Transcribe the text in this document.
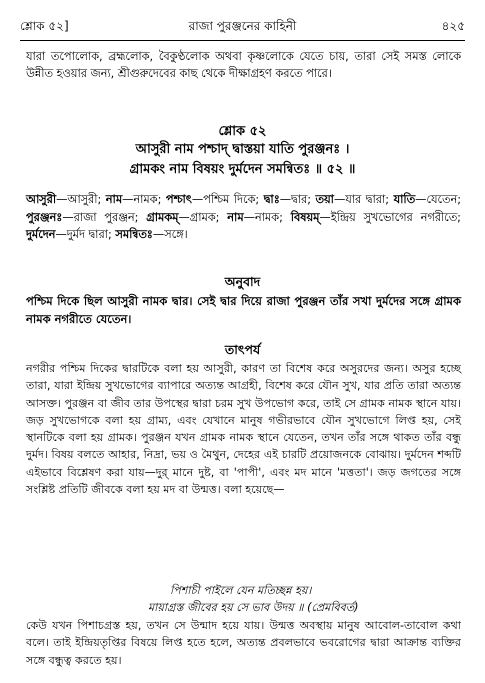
শ্লোক ৫২]	রাজা পুরঞ্জনের কাহিনী	৪২৫
যারা তপোলোক, ব্রহ্মলোক, বৈকুণ্ঠলোক অথবা কৃষ্ণলোকে যেতে চায়, তারা সেই সমস্ত লোকে উন্নীত হওয়ার জন্য, শ্রীগুরুদেবের কাছ থেকে দীক্ষাগ্রহণ করতে পারে।
শ্লোক ৫২
আসুরী নাম পশ্চাদ্ দ্বাস্তয়া যাতি পুরঞ্জনঃ ।
গ্রামকং নাম বিষয়ং দুর্মদেন সমন্বিতঃ ॥ ৫২ ॥
আসুরী—আসুরী; নাম—নামক; পশ্চাৎ—পশ্চিম দিকে; দ্বাঃ—দ্বার; তয়া—যার দ্বারা; যাতি—যেতেন; পুরঞ্জনঃ—রাজা পুরঞ্জন; গ্রামকম্—গ্রামক; নাম—নামক; বিষয়ম্—ইন্দ্রিয় সুখভোগের নগরীতে; দুর্মদেন—দুর্মদ দ্বারা; সমন্বিতঃ—সঙ্গে।
অনুবাদ
পশ্চিম দিকে ছিল আসুরী নামক দ্বার। সেই দ্বার দিয়ে রাজা পুরঞ্জন তাঁর সখা দুর্মদের সঙ্গে গ্রামক নামক নগরীতে যেতেন।
তাৎপর্য
নগরীর পশ্চিম দিকের দ্বারটিকে বলা হয় আসুরী, কারণ তা বিশেষ করে অসুরদের জন্য। অসুর হচ্ছে তারা, যারা ইন্দ্রিয় সুখভোগের ব্যাপারে অত্যন্ত আগ্রহী, বিশেষ করে যৌন সুখ, যার প্রতি তারা অত্যন্ত আসক্ত। পুরঞ্জন বা জীব তার উপস্থের দ্বারা চরম সুখ উপভোগ করে, তাই সে গ্রামক নামক স্থানে যায়। জড় সুখভোগকে বলা হয় গ্রাম্য, এবং যেখানে মানুষ গভীরভাবে যৌন সুখভোগে লিপ্ত হয়, সেই স্থানটিকে বলা হয় গ্রামক। পুরঞ্জন যখন গ্রামক নামক স্থানে যেতেন, তখন তাঁর সঙ্গে থাকত তাঁর বন্ধু দুর্মদ। বিষয় বলতে আহার, নিদ্রা, ভয় ও মৈথুন, দেহের এই চারটি প্রয়োজনকে বোঝায়। দুর্মদেন শব্দটি এইভাবে বিশ্লেষণ করা যায়—দুর্ মানে দুষ্ট, বা 'পাপী', এবং মদ মানে 'মত্ততা'। জড় জগতের সঙ্গে সংশ্লিষ্ট প্রতিটি জীবকে বলা হয় মদ বা উন্মত্ত। বলা হয়েছে—
পিশাচী পাইলে যেন মতিচ্ছন্ন হয়।
মায়াগ্রস্ত জীবের হয় সে ভাব উদয় ॥ (প্রেমবিবর্ত)
কেউ যখন পিশাচগ্রস্ত হয়, তখন সে উন্মাদ হয়ে যায়। উন্মত্ত অবস্থায় মানুষ আবোল-তাবোল কথা বলে। তাই ইন্দ্রিয়তৃপ্তির বিষয়ে লিপ্ত হতে হলে, অত্যন্ত প্রবলভাবে ভবরোগের দ্বারা আক্রান্ত ব্যক্তির সঙ্গে বন্ধুত্ব করতে হয়।
